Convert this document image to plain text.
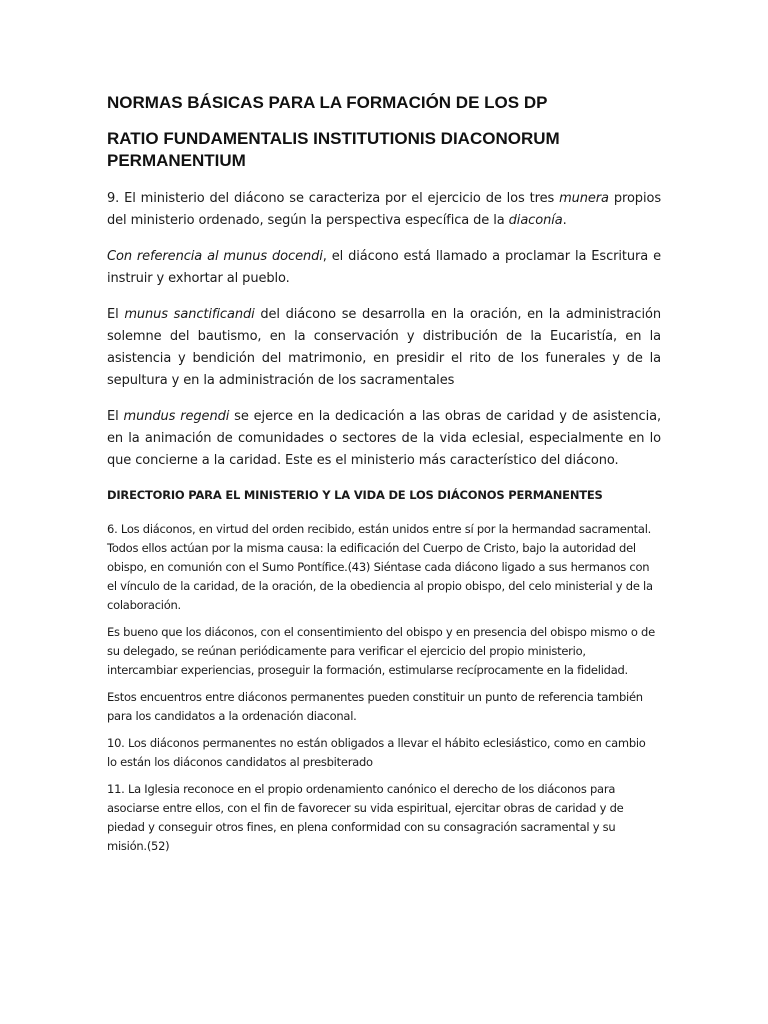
NORMAS BÁSICAS PARA LA FORMACIÓN DE LOS DP
RATIO FUNDAMENTALIS INSTITUTIONIS DIACONORUM PERMANENTIUM

9. El ministerio del diácono se caracteriza por el ejercicio de los tres munera propios del ministerio ordenado, según la perspectiva específica de la diaconía.

Con referencia al munus docendi, el diácono está llamado a proclamar la Escritura e instruir y exhortar al pueblo.

El munus sanctificandi del diácono se desarrolla en la oración, en la administración solemne del bautismo, en la conservación y distribución de la Eucaristía, en la asistencia y bendición del matrimonio, en presidir el rito de los funerales y de la sepultura y en la administración de los sacramentales

El mundus regendi se ejerce en la dedicación a las obras de caridad y de asistencia, en la animación de comunidades o sectores de la vida eclesial, especialmente en lo que concierne a la caridad. Este es el ministerio más característico del diácono.

DIRECTORIO PARA EL MINISTERIO Y LA VIDA DE LOS DIÁCONOS PERMANENTES

6. Los diáconos, en virtud del orden recibido, están unidos entre sí por la hermandad sacramental.
Todos ellos actúan por la misma causa: la edificación del Cuerpo de Cristo, bajo la autoridad del
obispo, en comunión con el Sumo Pontífice.(43) Siéntase cada diácono ligado a sus hermanos con
el vínculo de la caridad, de la oración, de la obediencia al propio obispo, del celo ministerial y de la
colaboración.

Es bueno que los diáconos, con el consentimiento del obispo y en presencia del obispo mismo o de
su delegado, se reúnan periódicamente para verificar el ejercicio del propio ministerio,
intercambiar experiencias, proseguir la formación, estimularse recíprocamente en la fidelidad.

Estos encuentros entre diáconos permanentes pueden constituir un punto de referencia también
para los candidatos a la ordenación diaconal.

10. Los diáconos permanentes no están obligados a llevar el hábito eclesiástico, como en cambio
lo están los diáconos candidatos al presbiterado

11. La Iglesia reconoce en el propio ordenamiento canónico el derecho de los diáconos para
asociarse entre ellos, con el fin de favorecer su vida espiritual, ejercitar obras de caridad y de
piedad y conseguir otros fines, en plena conformidad con su consagración sacramental y su
misión.(52)
